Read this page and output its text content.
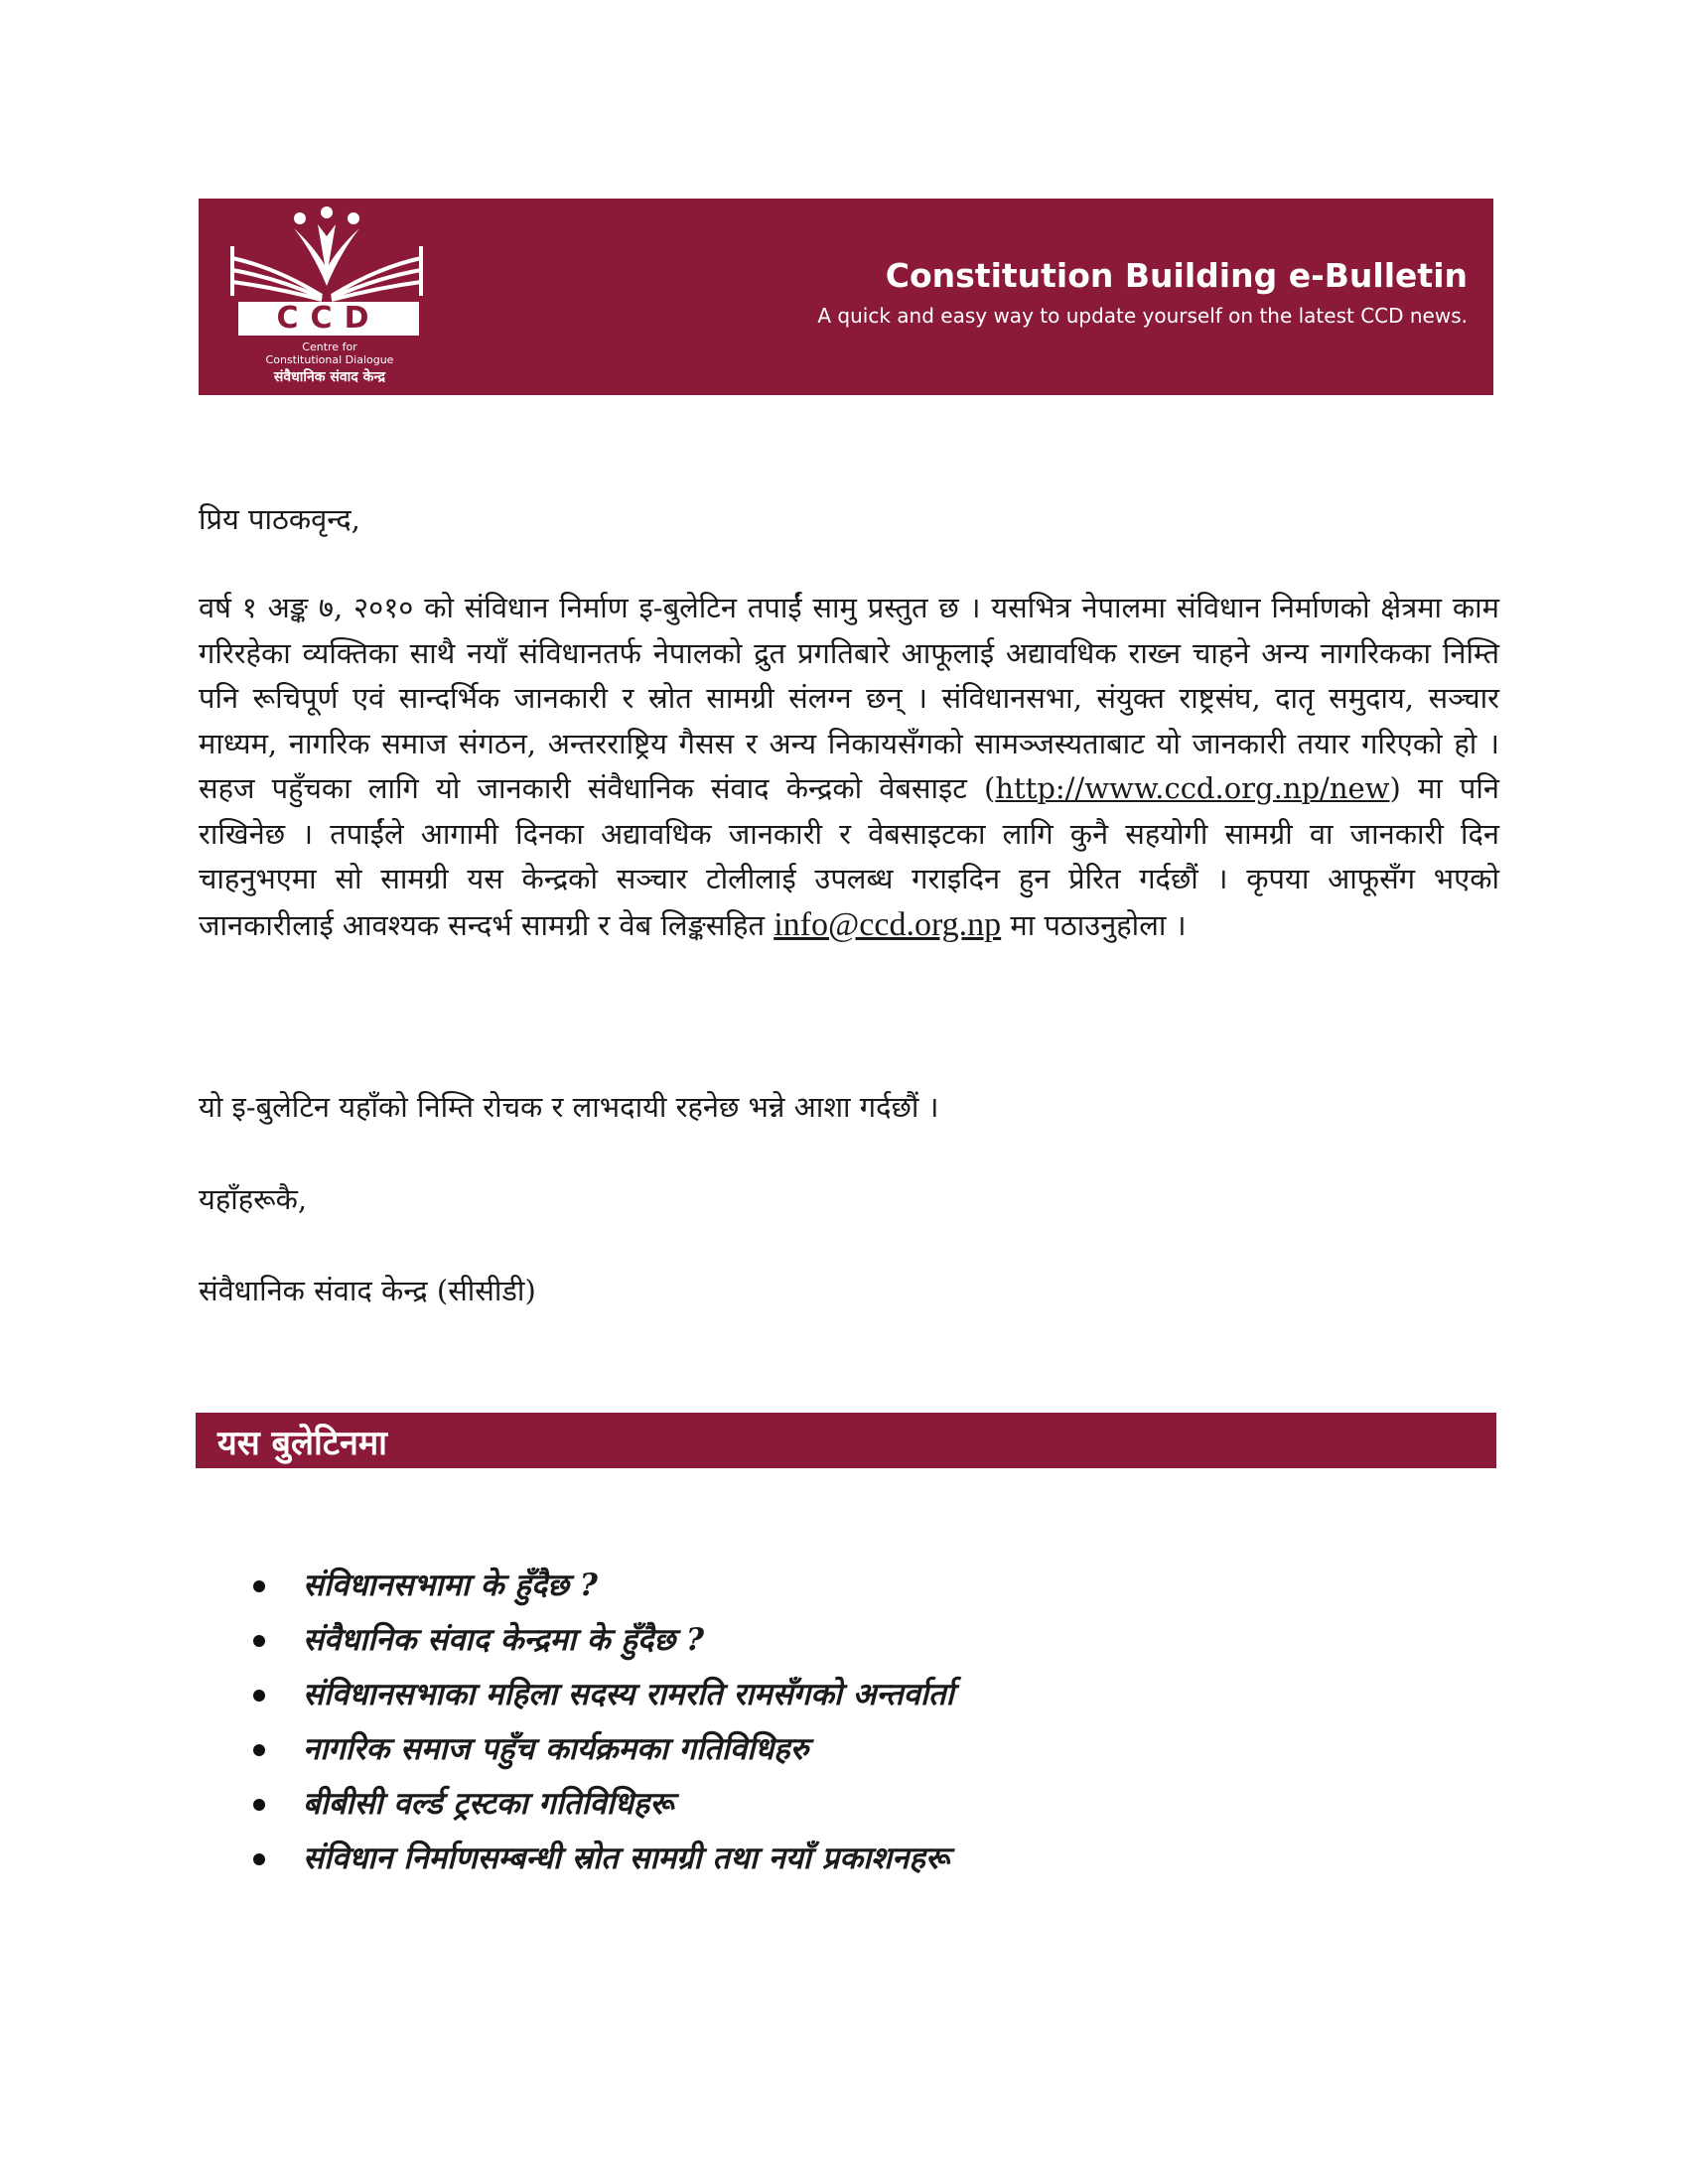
CCD
Centre for
Constitutional Dialogue
संवैधानिक संवाद केन्द्र
Constitution Building e-Bulletin
A quick and easy way to update yourself on the latest CCD news.
प्रिय पाठकवृन्द,
वर्ष १ अङ्क ७, २०१० को संविधान निर्माण इ-बुलेटिन तपाईं सामु प्रस्तुत छ । यसभित्र नेपालमा संविधान निर्माणको क्षेत्रमा काम गरिरहेका व्यक्तिका साथै नयाँ संविधानतर्फ नेपालको द्रुत प्रगतिबारे आफूलाई अद्यावधिक राख्न चाहने अन्य नागरिकका निम्ति पनि रूचिपूर्ण एवं सान्दर्भिक जानकारी र स्रोत सामग्री संलग्न छन् । संविधानसभा, संयुक्त राष्ट्रसंघ, दातृ समुदाय, सञ्चार माध्यम, नागरिक समाज संगठन, अन्तरराष्ट्रिय गैसस र अन्य निकायसँगको सामञ्जस्यताबाट यो जानकारी तयार गरिएको हो । सहज पहुँचका लागि यो जानकारी संवैधानिक संवाद केन्द्रको वेबसाइट (http://www.ccd.org.np/new) मा पनि राखिनेछ । तपाईंले आगामी दिनका अद्यावधिक जानकारी र वेबसाइटका लागि कुनै सहयोगी सामग्री वा जानकारी दिन चाहनुभएमा सो सामग्री यस केन्द्रको सञ्चार टोलीलाई उपलब्ध गराइदिन हुन प्रेरित गर्दछौं । कृपया आफूसँग भएको जानकारीलाई आवश्यक सन्दर्भ सामग्री र वेब लिङ्कसहित info@ccd.org.np मा पठाउनुहोला ।
यो इ-बुलेटिन यहाँको निम्ति रोचक र लाभदायी रहनेछ भन्ने आशा गर्दछौं ।
यहाँहरूकै,
संवैधानिक संवाद केन्द्र (सीसीडी)
यस बुलेटिनमा
संविधानसभामा के हुँदैछ ?
संवैधानिक संवाद केन्द्रमा के हुँदैछ ?
संविधानसभाका महिला सदस्य रामरति रामसँगको अन्तर्वार्ता
नागरिक समाज पहुँच कार्यक्रमका गतिविधिहरु
बीबीसी वर्ल्ड ट्रस्टका गतिविधिहरू
संविधान निर्माणसम्बन्धी स्रोत सामग्री तथा नयाँ प्रकाशनहरू
